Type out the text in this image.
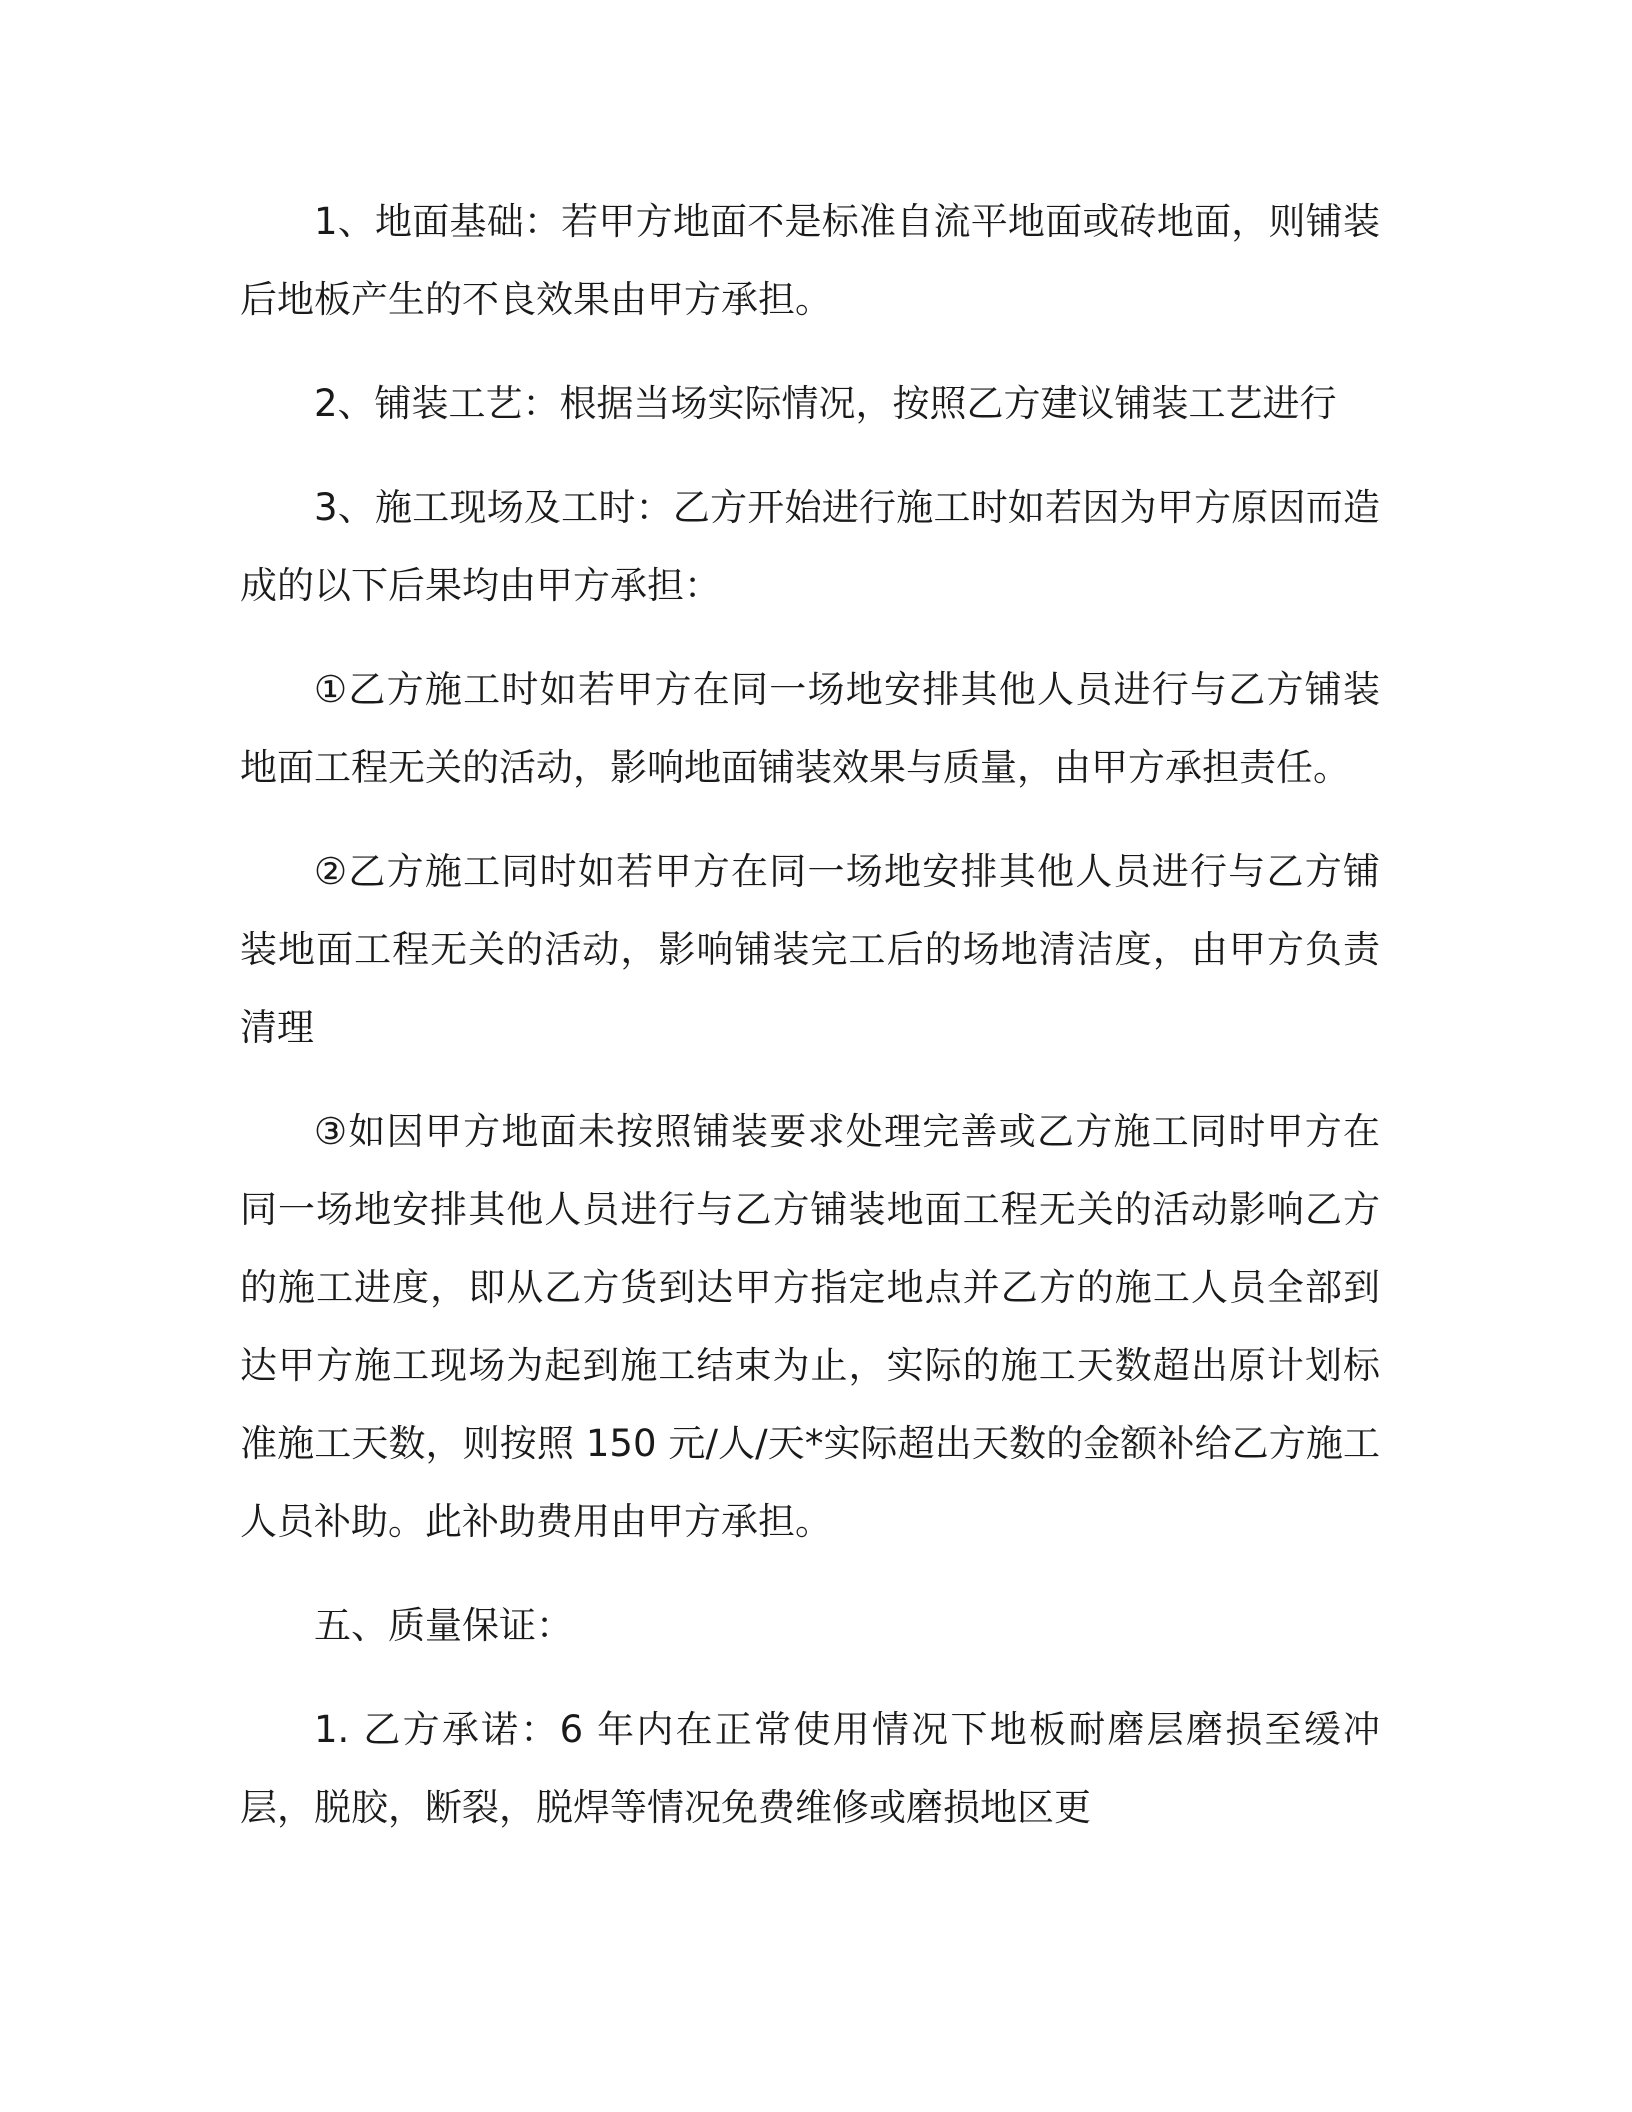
1、地面基础：若甲方地面不是标准自流平地面或砖地面，则铺装后地板产生的不良效果由甲方承担。

2、铺装工艺：根据当场实际情况，按照乙方建议铺装工艺进行

3、施工现场及工时：乙方开始进行施工时如若因为甲方原因而造成的以下后果均由甲方承担：

①乙方施工时如若甲方在同一场地安排其他人员进行与乙方铺装地面工程无关的活动，影响地面铺装效果与质量，由甲方承担责任。

②乙方施工同时如若甲方在同一场地安排其他人员进行与乙方铺装地面工程无关的活动，影响铺装完工后的场地清洁度，由甲方负责清理

③如因甲方地面未按照铺装要求处理完善或乙方施工同时甲方在同一场地安排其他人员进行与乙方铺装地面工程无关的活动影响乙方的施工进度，即从乙方货到达甲方指定地点并乙方的施工人员全部到达甲方施工现场为起到施工结束为止，实际的施工天数超出原计划标准施工天数，则按照 150 元/人/天*实际超出天数的金额补给乙方施工人员补助。此补助费用由甲方承担。

五、质量保证：

1. 乙方承诺：6 年内在正常使用情况下地板耐磨层磨损至缓冲层，脱胶，断裂，脱焊等情况免费维修或磨损地区更
